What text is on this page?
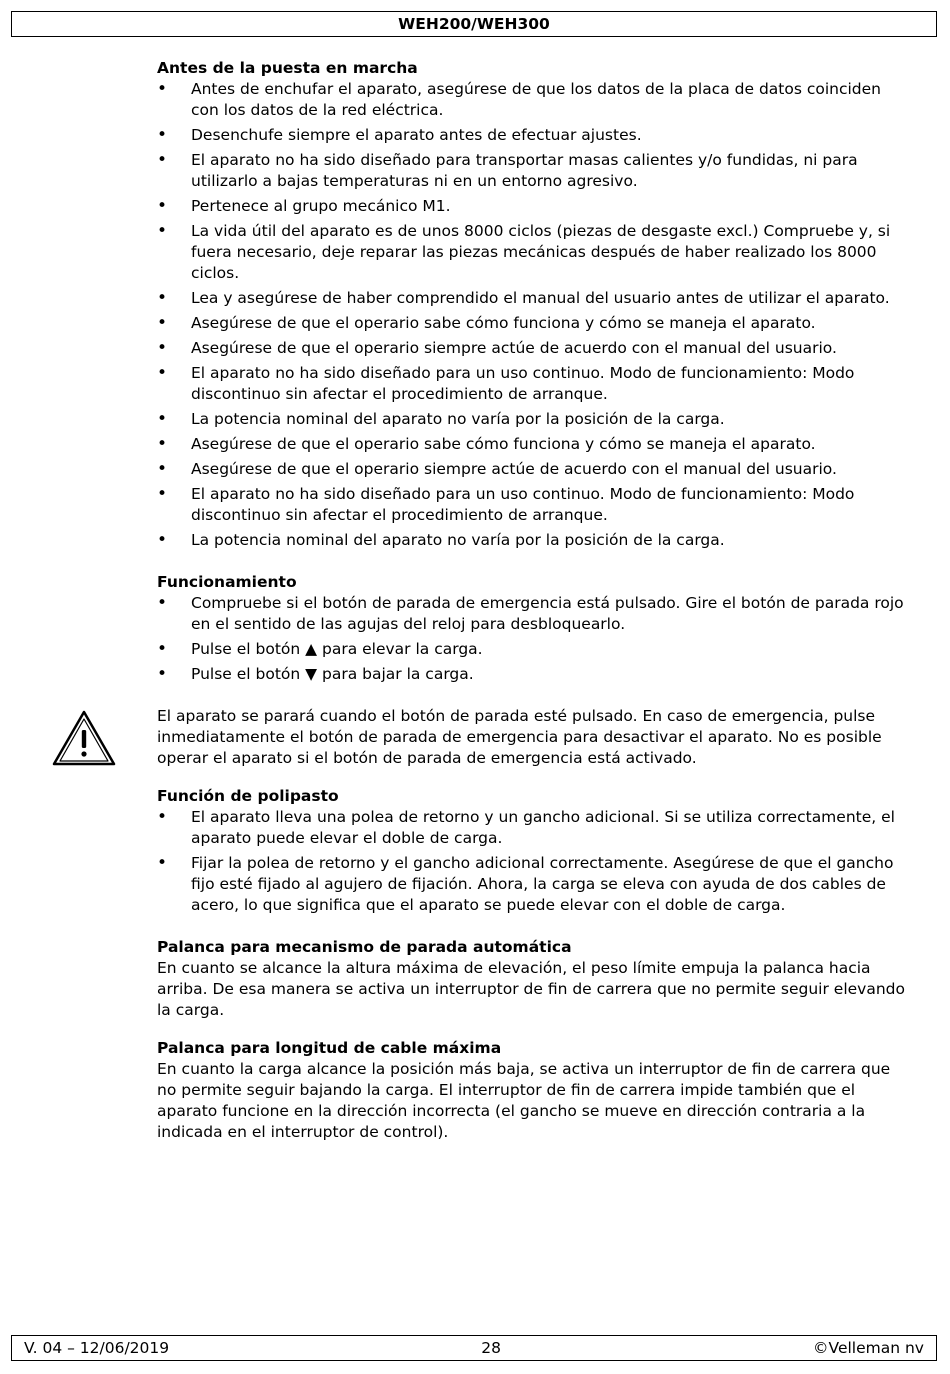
WEH200/WEH300

Antes de la puesta en marcha

• Antes de enchufar el aparato, asegúrese de que los datos de la placa de datos coinciden con los datos de la red eléctrica.
• Desenchufe siempre el aparato antes de efectuar ajustes.
• El aparato no ha sido diseñado para transportar masas calientes y/o fundidas, ni para utilizarlo a bajas temperaturas ni en un entorno agresivo.
• Pertenece al grupo mecánico M1.
• La vida útil del aparato es de unos 8000 ciclos (piezas de desgaste excl.) Compruebe y, si fuera necesario, deje reparar las piezas mecánicas después de haber realizado los 8000 ciclos.
• Lea y asegúrese de haber comprendido el manual del usuario antes de utilizar el aparato.
• Asegúrese de que el operario sabe cómo funciona y cómo se maneja el aparato.
• Asegúrese de que el operario siempre actúe de acuerdo con el manual del usuario.
• El aparato no ha sido diseñado para un uso continuo. Modo de funcionamiento: Modo discontinuo sin afectar el procedimiento de arranque.
• La potencia nominal del aparato no varía por la posición de la carga.
• Asegúrese de que el operario sabe cómo funciona y cómo se maneja el aparato.
• Asegúrese de que el operario siempre actúe de acuerdo con el manual del usuario.
• El aparato no ha sido diseñado para un uso continuo. Modo de funcionamiento: Modo discontinuo sin afectar el procedimiento de arranque.
• La potencia nominal del aparato no varía por la posición de la carga.

Funcionamiento

• Compruebe si el botón de parada de emergencia está pulsado. Gire el botón de parada rojo en el sentido de las agujas del reloj para desbloquearlo.
• Pulse el botón ▲ para elevar la carga.
• Pulse el botón ▼ para bajar la carga.

El aparato se parará cuando el botón de parada esté pulsado. En caso de emergencia, pulse inmediatamente el botón de parada de emergencia para desactivar el aparato. No es posible operar el aparato si el botón de parada de emergencia está activado.

Función de polipasto

• El aparato lleva una polea de retorno y un gancho adicional. Si se utiliza correctamente, el aparato puede elevar el doble de carga.
• Fijar la polea de retorno y el gancho adicional correctamente. Asegúrese de que el gancho fijo esté fijado al agujero de fijación. Ahora, la carga se eleva con ayuda de dos cables de acero, lo que significa que el aparato se puede elevar con el doble de carga.

Palanca para mecanismo de parada automática

En cuanto se alcance la altura máxima de elevación, el peso límite empuja la palanca hacia arriba. De esa manera se activa un interruptor de fin de carrera que no permite seguir elevando la carga.

Palanca para longitud de cable máxima

En cuanto la carga alcance la posición más baja, se activa un interruptor de fin de carrera que no permite seguir bajando la carga. El interruptor de fin de carrera impide también que el aparato funcione en la dirección incorrecta (el gancho se mueve en dirección contraria a la indicada en el interruptor de control).

V. 04 – 12/06/2019	28	©Velleman nv
